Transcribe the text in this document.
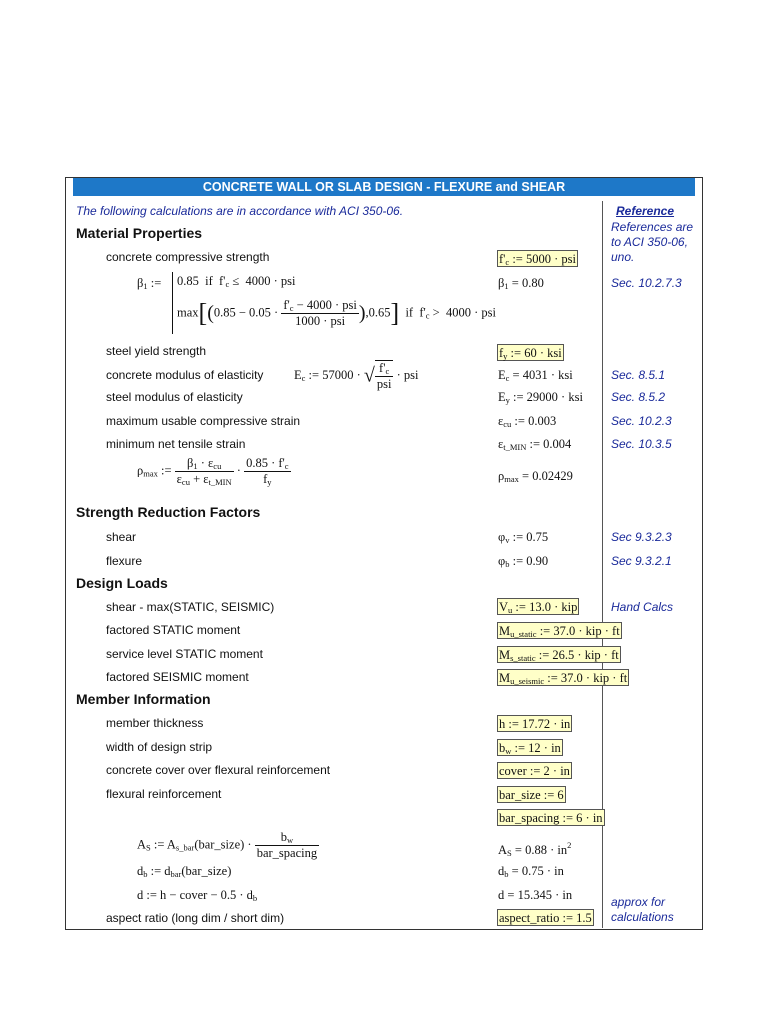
CONCRETE WALL OR SLAB DESIGN - FLEXURE and SHEAR
The following calculations are in accordance with ACI 350-06.	Reference
References are
to ACI 350-06,
uno.
Material Properties
concrete compressive strength	$f'_c$ := 5000 · psi
$\beta_1$ := 0.85  if  $f'_c \le 4000$ · psi
$\max[(0.85 - 0.05 \cdot \frac{f'_c - 4000 \cdot psi}{\text{1000 · psi}} ),0.65]$  if  $f'_c > 4000$ · psi
$\beta_1 = 0.80$	Sec. 10.2.7.3
steel yield strength	$f_y$ := 60 · ksi
concrete modulus of elasticity $E_c$ := 57000 · √ $\frac{f'_c}{\text{psi}}$ · psi	$E_c = 4031$ · ksi	Sec. 8.5.1
steel modulus of elasticity	$E_y$ := 29000 · ksi Sec. 8.5.2
maximum usable compressive strain	$\varepsilon_{cu}$ := 0.003	Sec. 10.2.3
minimum net tensile strain	$\varepsilon_{t\_MIN}$ := 0.004	Sec. 10.3.5
$\rho_{max}$ := $\frac{\beta_1 \cdot \varepsilon_{cu}}{\varepsilon_{cu} + \varepsilon_{t\_MIN}} \cdot \frac{0.85 \cdot f'_c}{f_y}$	$\rho_{max} = 0.02429$
Strength Reduction Factors
shear	$\varphi_v$ := 0.75	Sec 9.3.2.3
flexure	$\varphi_b$ := 0.90	Sec 9.3.2.1
Design Loads
shear - max(STATIC, SEISMIC)	$V_u$ := 13.0 · kip	Hand Calcs
factored STATIC moment	$M_{u\_static}$ := 37.0 · kip · ft
service level STATIC moment	$M_{s\_static}$ := 26.5 · kip · ft
factored SEISMIC moment	$M_{u\_seismic}$ := 37.0 · kip · ft
Member Information
member thickness	h := 17.72 · in
width of design strip	$b_w$ := 12 · in
concrete cover over flexural reinforcement	cover := 2 · in
flexural reinforcement	bar_size := 6
bar_spacing := 6 · in
$A_S$ := $A_{s\_bar}(bar\_size) \cdot \frac{b_w}{\text{bar\_spacing}}$	$A_S = 0.88 \cdot in^2$
$d_b$ := $d_{bar}(bar\_size)$	$d_b = 0.75$ · in
d := h − cover − $0.5 \cdot d_b$	d = 15.345 · in	approx for
calculations
aspect ratio (long dim / short dim)	aspect_ratio := 1.5
